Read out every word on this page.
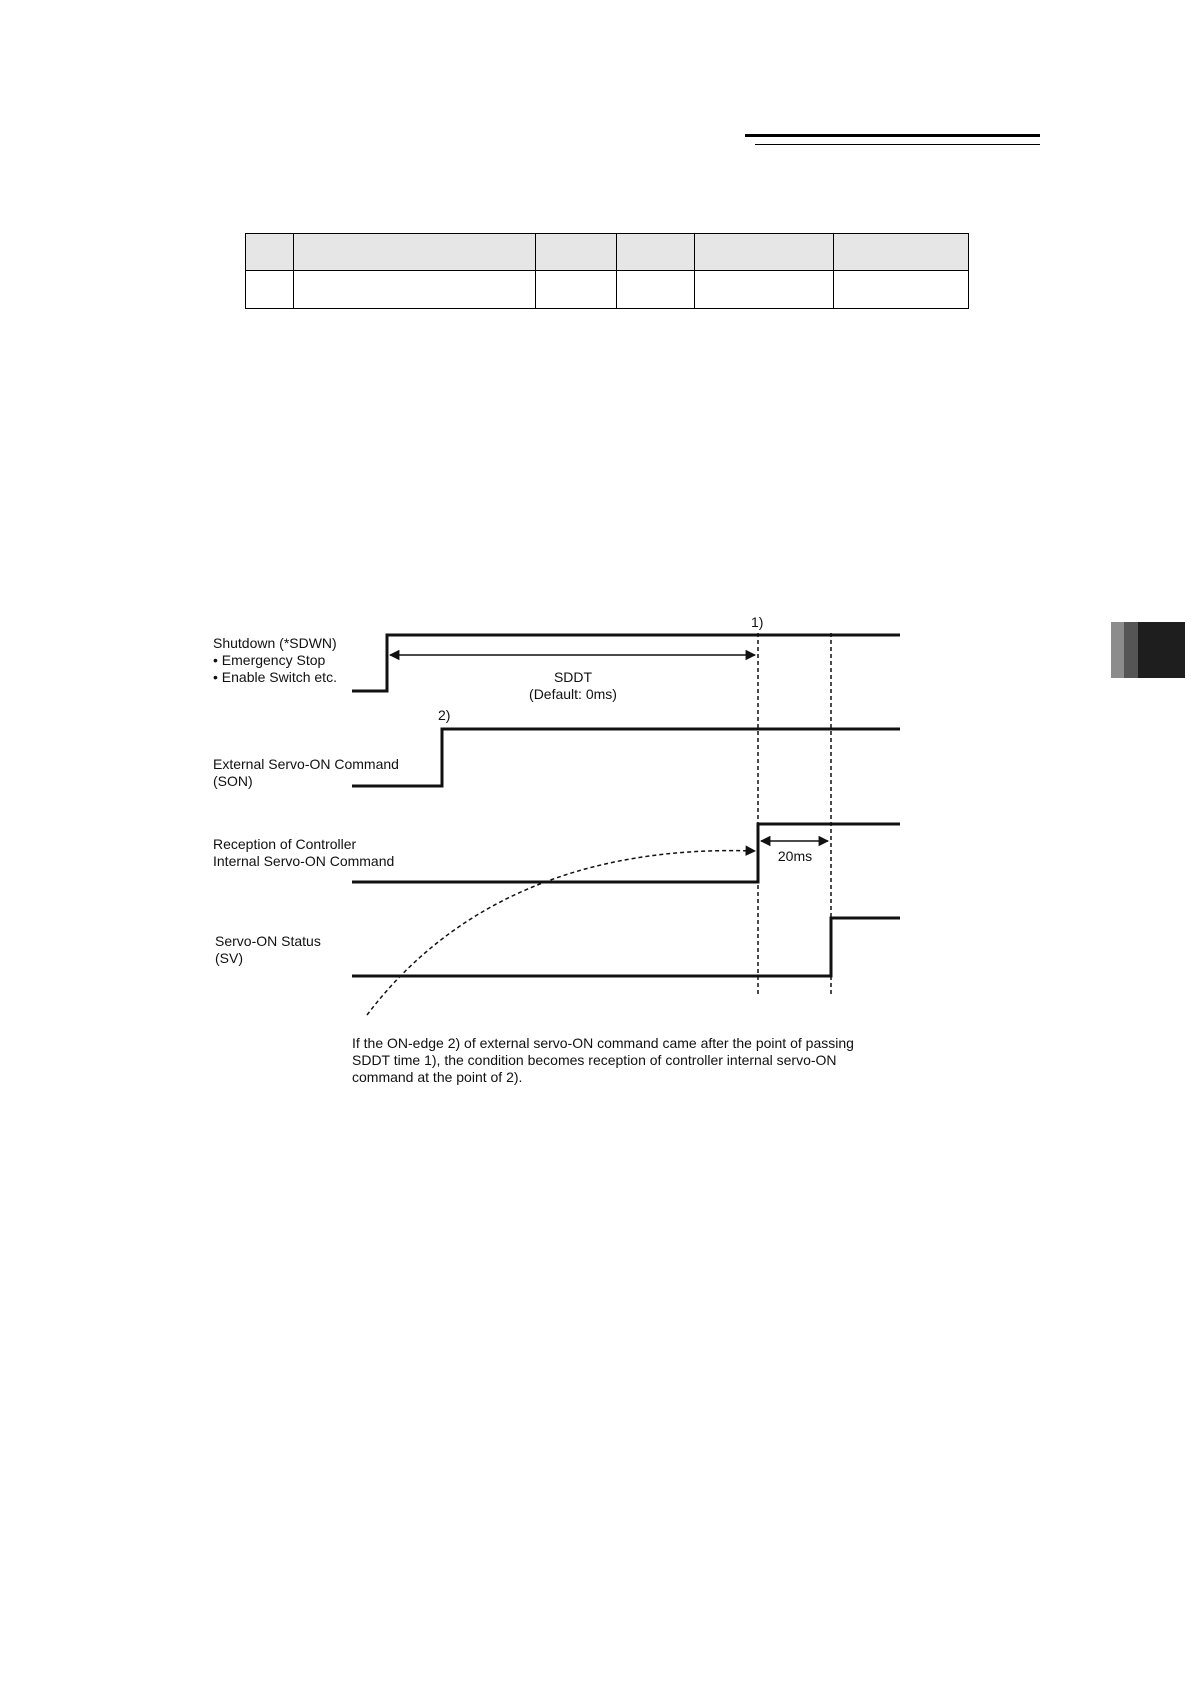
Shutdown (*SDWN)
• Emergency Stop
• Enable Switch etc.
External Servo-ON Command
(SON)
Reception of Controller
Internal Servo-ON Command
Servo-ON Status
(SV)
1)
2)
SDDT
(Default: 0ms)
20ms
If the ON-edge 2) of external servo-ON command came after the point of passing
SDDT time 1), the condition becomes reception of controller internal servo-ON
command at the point of 2).
